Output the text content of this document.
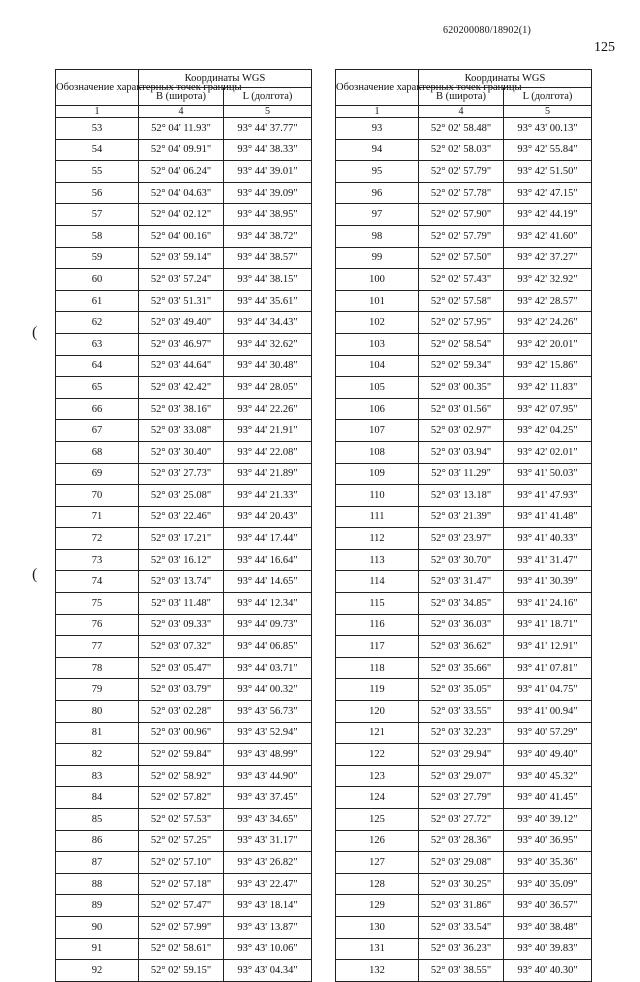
620200080/18902(1)
125
(
(
Обозначение характерных точек границы	Координаты WGS	
	B (широта)	L (долгота)
1	4	5
53	52° 04' 11.93"	93° 44' 37.77"
54	52° 04' 09.91"	93° 44' 38.33"
55	52° 04' 06.24"	93° 44' 39.01"
56	52° 04' 04.63"	93° 44' 39.09"
57	52° 04' 02.12"	93° 44' 38.95"
58	52° 04' 00.16"	93° 44' 38.72"
59	52° 03' 59.14"	93° 44' 38.57"
60	52° 03' 57.24"	93° 44' 38.15"
61	52° 03' 51.31"	93° 44' 35.61"
62	52° 03' 49.40"	93° 44' 34.43"
63	52° 03' 46.97"	93° 44' 32.62"
64	52° 03' 44.64"	93° 44' 30.48"
65	52° 03' 42.42"	93° 44' 28.05"
66	52° 03' 38.16"	93° 44' 22.26"
67	52° 03' 33.08"	93° 44' 21.91"
68	52° 03' 30.40"	93° 44' 22.08"
69	52° 03' 27.73"	93° 44' 21.89"
70	52° 03' 25.08"	93° 44' 21.33"
71	52° 03' 22.46"	93° 44' 20.43"
72	52° 03' 17.21"	93° 44' 17.44"
73	52° 03' 16.12"	93° 44' 16.64"
74	52° 03' 13.74"	93° 44' 14.65"
75	52° 03' 11.48"	93° 44' 12.34"
76	52° 03' 09.33"	93° 44' 09.73"
77	52° 03' 07.32"	93° 44' 06.85"
78	52° 03' 05.47"	93° 44' 03.71"
79	52° 03' 03.79"	93° 44' 00.32"
80	52° 03' 02.28"	93° 43' 56.73"
81	52° 03' 00.96"	93° 43' 52.94"
82	52° 02' 59.84"	93° 43' 48.99"
83	52° 02' 58.92"	93° 43' 44.90"
84	52° 02' 57.82"	93° 43' 37.45"
85	52° 02' 57.53"	93° 43' 34.65"
86	52° 02' 57.25"	93° 43' 31.17"
87	52° 02' 57.10"	93° 43' 26.82"
88	52° 02' 57.18"	93° 43' 22.47"
89	52° 02' 57.47"	93° 43' 18.14"
90	52° 02' 57.99"	93° 43' 13.87"
91	52° 02' 58.61"	93° 43' 10.06"
92	52° 02' 59.15"	93° 43' 04.34"
Обозначение характерных точек границы	Координаты WGS	
	B (широта)	L (долгота)
1	4	5
93	52° 02' 58.48"	93° 43' 00.13"
94	52° 02' 58.03"	93° 42' 55.84"
95	52° 02' 57.79"	93° 42' 51.50"
96	52° 02' 57.78"	93° 42' 47.15"
97	52° 02' 57.90"	93° 42' 44.19"
98	52° 02' 57.79"	93° 42' 41.60"
99	52° 02' 57.50"	93° 42' 37.27"
100	52° 02' 57.43"	93° 42' 32.92"
101	52° 02' 57.58"	93° 42' 28.57"
102	52° 02' 57.95"	93° 42' 24.26"
103	52° 02' 58.54"	93° 42' 20.01"
104	52° 02' 59.34"	93° 42' 15.86"
105	52° 03' 00.35"	93° 42' 11.83"
106	52° 03' 01.56"	93° 42' 07.95"
107	52° 03' 02.97"	93° 42' 04.25"
108	52° 03' 03.94"	93° 42' 02.01"
109	52° 03' 11.29"	93° 41' 50.03"
110	52° 03' 13.18"	93° 41' 47.93"
111	52° 03' 21.39"	93° 41' 41.48"
112	52° 03' 23.97"	93° 41' 40.33"
113	52° 03' 30.70"	93° 41' 31.47"
114	52° 03' 31.47"	93° 41' 30.39"
115	52° 03' 34.85"	93° 41' 24.16"
116	52° 03' 36.03"	93° 41' 18.71"
117	52° 03' 36.62"	93° 41' 12.91"
118	52° 03' 35.66"	93° 41' 07.81"
119	52° 03' 35.05"	93° 41' 04.75"
120	52° 03' 33.55"	93° 41' 00.94"
121	52° 03' 32.23"	93° 40' 57.29"
122	52° 03' 29.94"	93° 40' 49.40"
123	52° 03' 29.07"	93° 40' 45.32"
124	52° 03' 27.79"	93° 40' 41.45"
125	52° 03' 27.72"	93° 40' 39.12"
126	52° 03' 28.36"	93° 40' 36.95"
127	52° 03' 29.08"	93° 40' 35.36"
128	52° 03' 30.25"	93° 40' 35.09"
129	52° 03' 31.86"	93° 40' 36.57"
130	52° 03' 33.54"	93° 40' 38.48"
131	52° 03' 36.23"	93° 40' 39.83"
132	52° 03' 38.55"	93° 40' 40.30"
